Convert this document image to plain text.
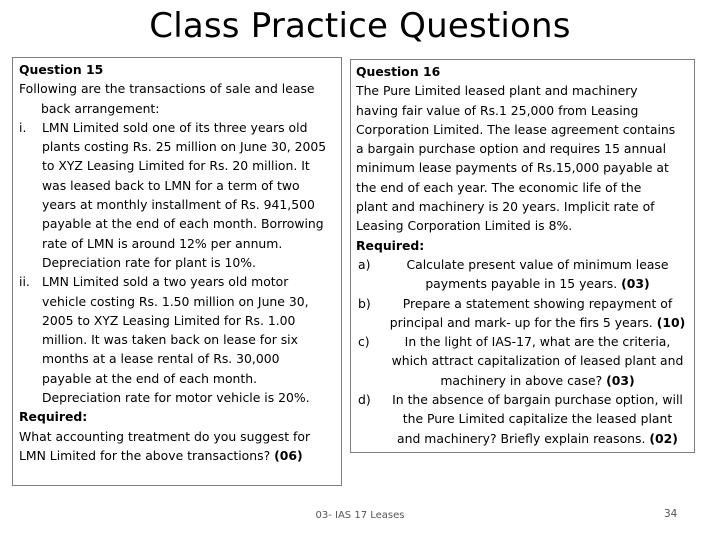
Class Practice Questions
Question 15
Following are the transactions of sale and lease
back arrangement:
i. LMN Limited sold one of its three years old
plants costing Rs. 25 million on June 30, 2005
to XYZ Leasing Limited for Rs. 20 million. It
was leased back to LMN for a term of two
years at monthly installment of Rs. 941,500
payable at the end of each month. Borrowing
rate of LMN is around 12% per annum.
Depreciation rate for plant is 10%.
ii. LMN Limited sold a two years old motor
vehicle costing Rs. 1.50 million on June 30,
2005 to XYZ Leasing Limited for Rs. 1.00
million. It was taken back on lease for six
months at a lease rental of Rs. 30,000
payable at the end of each month.
Depreciation rate for motor vehicle is 20%.
Required:
What accounting treatment do you suggest for
LMN Limited for the above transactions? (06)
Question 16
The Pure Limited leased plant and machinery
having fair value of Rs.1 25,000 from Leasing
Corporation Limited. The lease agreement contains
a bargain purchase option and requires 15 annual
minimum lease payments of Rs.15,000 payable at
the end of each year. The economic life of the
plant and machinery is 20 years. Implicit rate of
Leasing Corporation Limited is 8%.
Required:
a)	Calculate present value of minimum lease
payments payable in 15 years. (03)
b)	Prepare a statement showing repayment of
principal and mark- up for the firs 5 years. (10)
c)	In the light of IAS-17, what are the criteria,
which attract capitalization of leased plant and
machinery in above case? (03)
d)	In the absence of bargain purchase option, will
the Pure Limited capitalize the leased plant
and machinery? Briefly explain reasons. (02)
03- IAS 17 Leases	34
